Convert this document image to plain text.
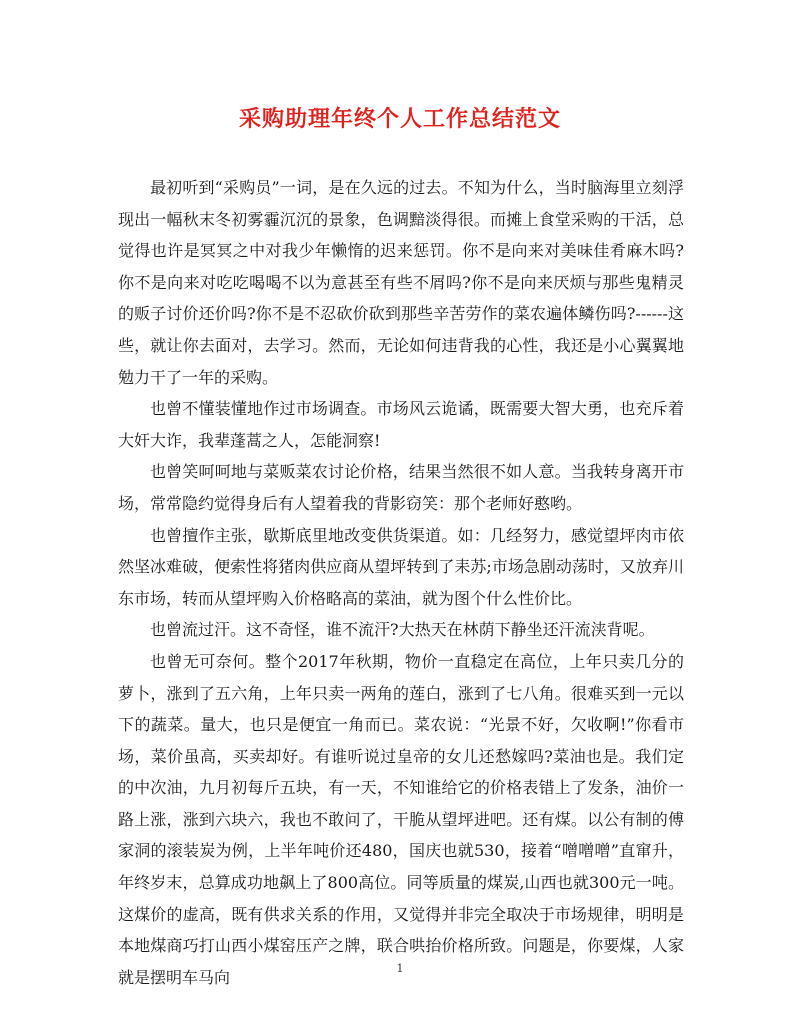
采购助理年终个人工作总结范文

最初听到“采购员”一词，是在久远的过去。不知为什么，当时脑海里立刻浮现出一幅秋末冬初雾霾沉沉的景象，色调黯淡得很。而摊上食堂采购的干活，总觉得也许是冥冥之中对我少年懒惰的迟来惩罚。你不是向来对美味佳肴麻木吗?你不是向来对吃吃喝喝不以为意甚至有些不屑吗?你不是向来厌烦与那些鬼精灵的贩子讨价还价吗?你不是不忍砍价砍到那些辛苦劳作的菜农遍体鳞伤吗?------这些，就让你去面对，去学习。然而，无论如何违背我的心性，我还是小心翼翼地勉力干了一年的采购。

也曾不懂装懂地作过市场调查。市场风云诡谲，既需要大智大勇，也充斥着大奸大诈，我辈蓬蒿之人，怎能洞察!

也曾笑呵呵地与菜贩菜农讨论价格，结果当然很不如人意。当我转身离开市场，常常隐约觉得身后有人望着我的背影窃笑：那个老师好憨哟。

也曾擅作主张，歇斯底里地改变供货渠道。如：几经努力，感觉望坪肉市依然坚冰难破，便索性将猪肉供应商从望坪转到了耒苏;市场急剧动荡时，又放弃川东市场，转而从望坪购入价格略高的菜油，就为图个什么性价比。

也曾流过汗。这不奇怪，谁不流汗?大热天在林荫下静坐还汗流浃背呢。

也曾无可奈何。整个2017年秋期，物价一直稳定在高位，上年只卖几分的萝卜，涨到了五六角，上年只卖一两角的莲白，涨到了七八角。很难买到一元以下的蔬菜。量大，也只是便宜一角而已。菜农说：“光景不好，欠收啊!”你看市场，菜价虽高，买卖却好。有谁听说过皇帝的女儿还愁嫁吗?菜油也是。我们定的中次油，九月初每斤五块，有一天，不知谁给它的价格表错上了发条，油价一路上涨，涨到六块六，我也不敢问了，干脆从望坪进吧。还有煤。以公有制的傅家洞的滚装炭为例，上半年吨价还480，国庆也就530，接着“噌噌噌”直窜升，年终岁末，总算成功地飙上了800高位。同等质量的煤炭,山西也就300元一吨。这煤价的虚高，既有供求关系的作用，又觉得并非完全取决于市场规律，明明是本地煤商巧打山西小煤窑压产之牌，联合哄抬价格所致。问题是，你要煤，人家就是摆明车马向	1
